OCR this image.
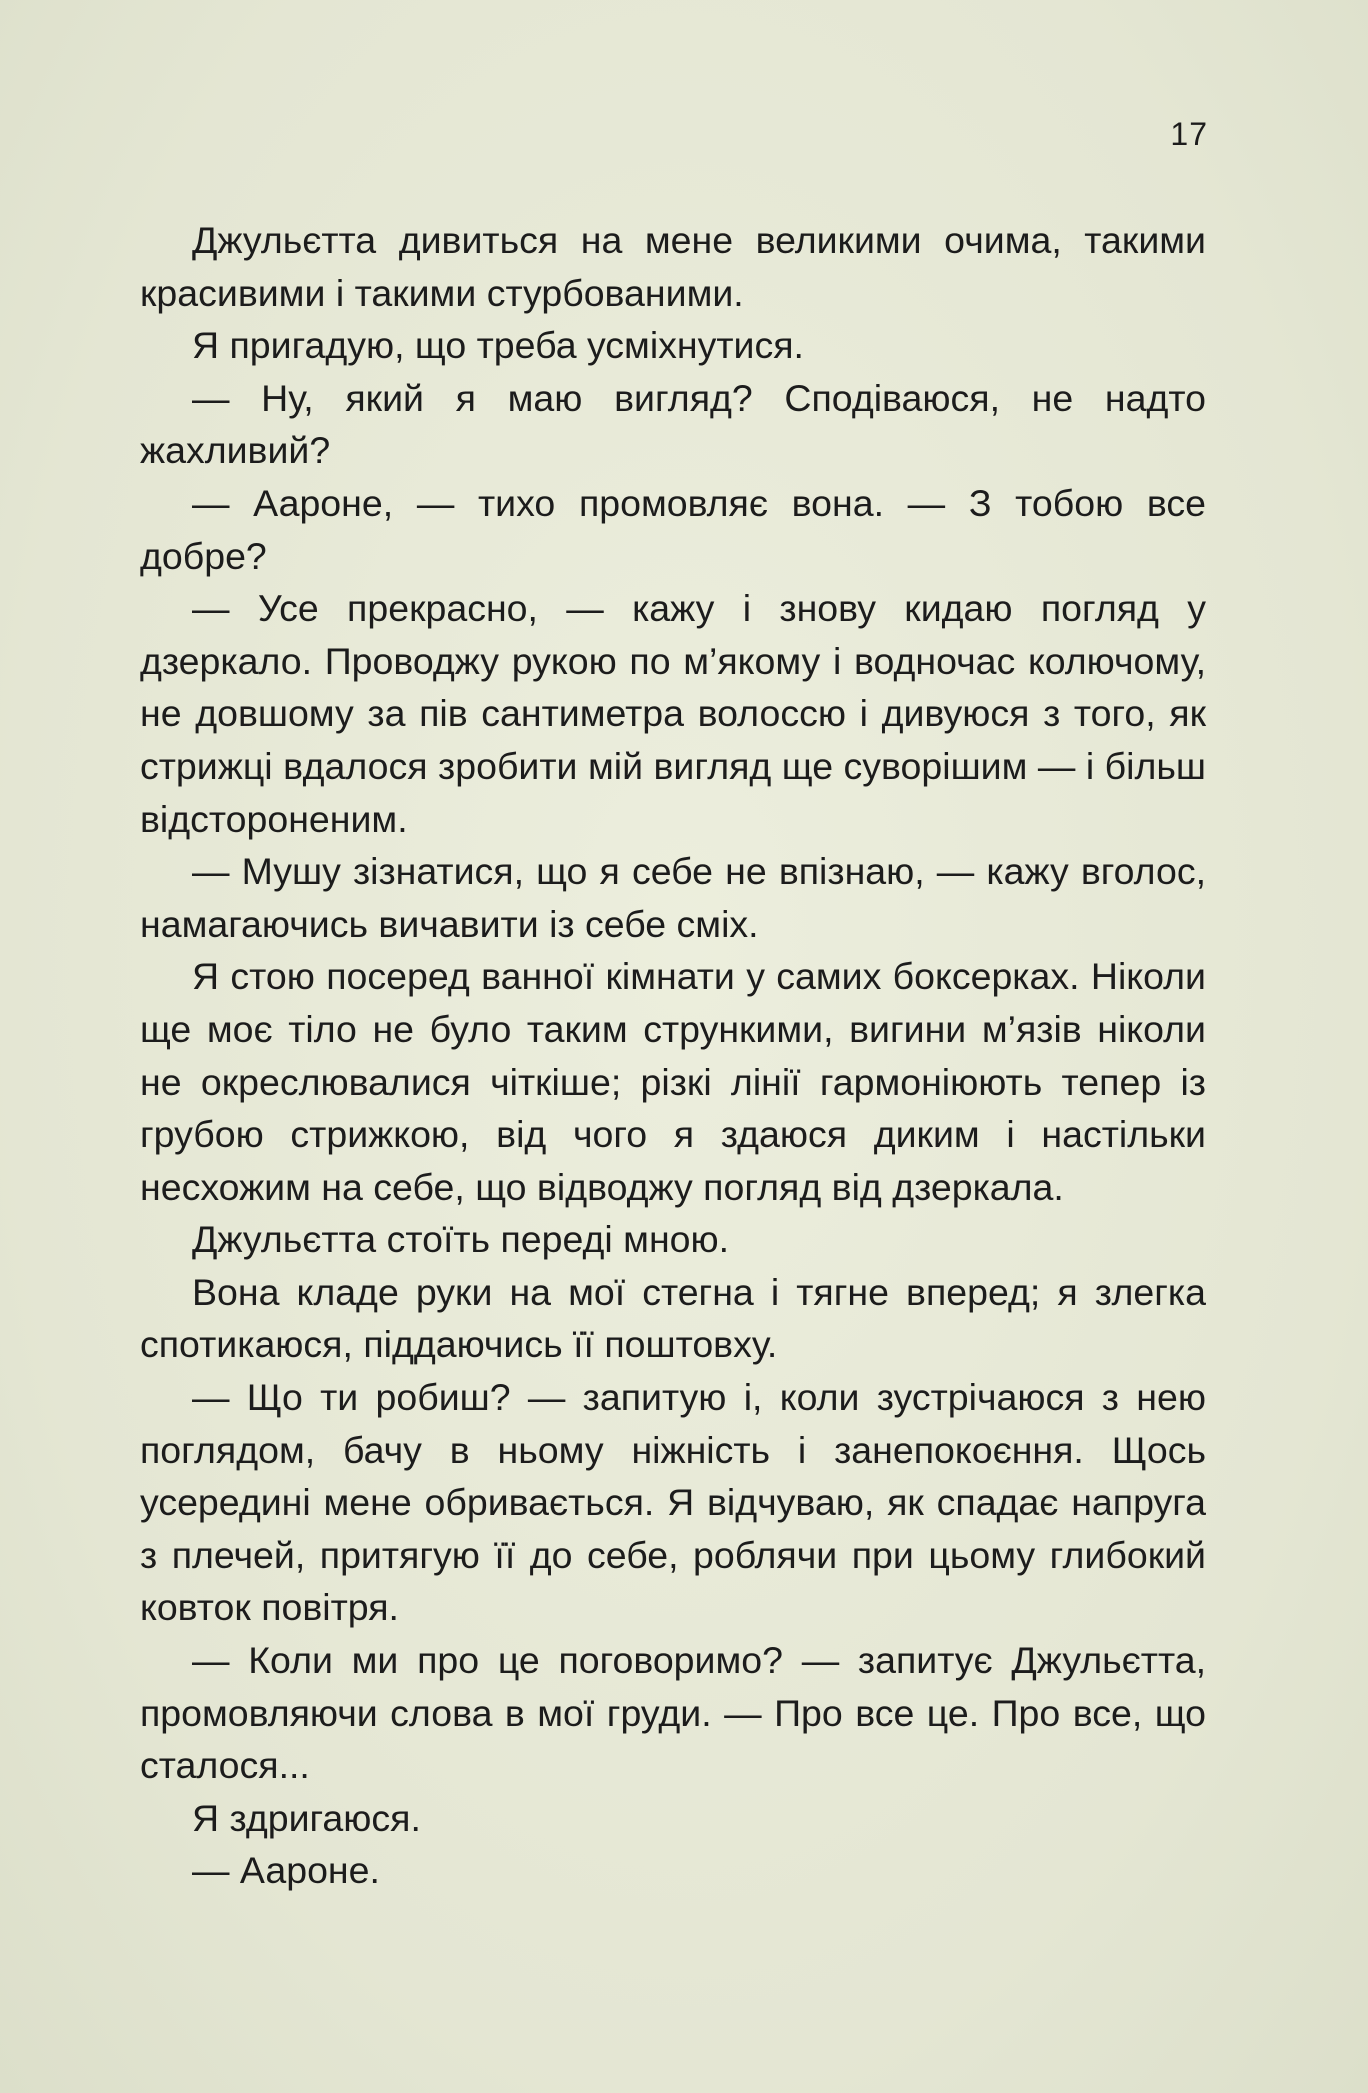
17

Джульєтта дивиться на мене великими очима, такими красивими і такими стурбованими.

Я пригадую, що треба усміхнутися.

— Ну, який я маю вигляд? Сподіваюся, не надто жахливий?

— Аароне, — тихо промовляє вона. — З тобою все добре?

— Усе прекрасно, — кажу і знову кидаю погляд у дзеркало. Проводжу рукою по м’якому і водночас колючому, не довшому за пів сантиметра волоссю і дивуюся з того, як стрижці вдалося зробити мій вигляд ще суворішим — і більш відстороненим.

— Мушу зізнатися, що я себе не впізнаю, — кажу вголос, намагаючись вичавити із себе сміх.

Я стою посеред ванної кімнати у самих боксерках. Ніколи ще моє тіло не було таким стрункими, вигини м’язів ніколи не окреслювалися чіткіше; різкі лінії гармоніюють тепер із грубою стрижкою, від чого я здаюся диким і настільки несхожим на себе, що відводжу погляд від дзеркала.

Джульєтта стоїть переді мною.

Вона кладе руки на мої стегна і тягне вперед; я злегка спотикаюся, піддаючись її поштовху.

— Що ти робиш? — запитую і, коли зустрічаюся з нею поглядом, бачу в ньому ніжність і занепокоєння. Щось усередині мене обривається. Я відчуваю, як спадає напруга з плечей, притягую її до себе, роблячи при цьому глибокий ковток повітря.

— Коли ми про це поговоримо? — запитує Джульєтта, промовляючи слова в мої груди. — Про все це. Про все, що сталося...

Я здригаюся.

— Аароне.
